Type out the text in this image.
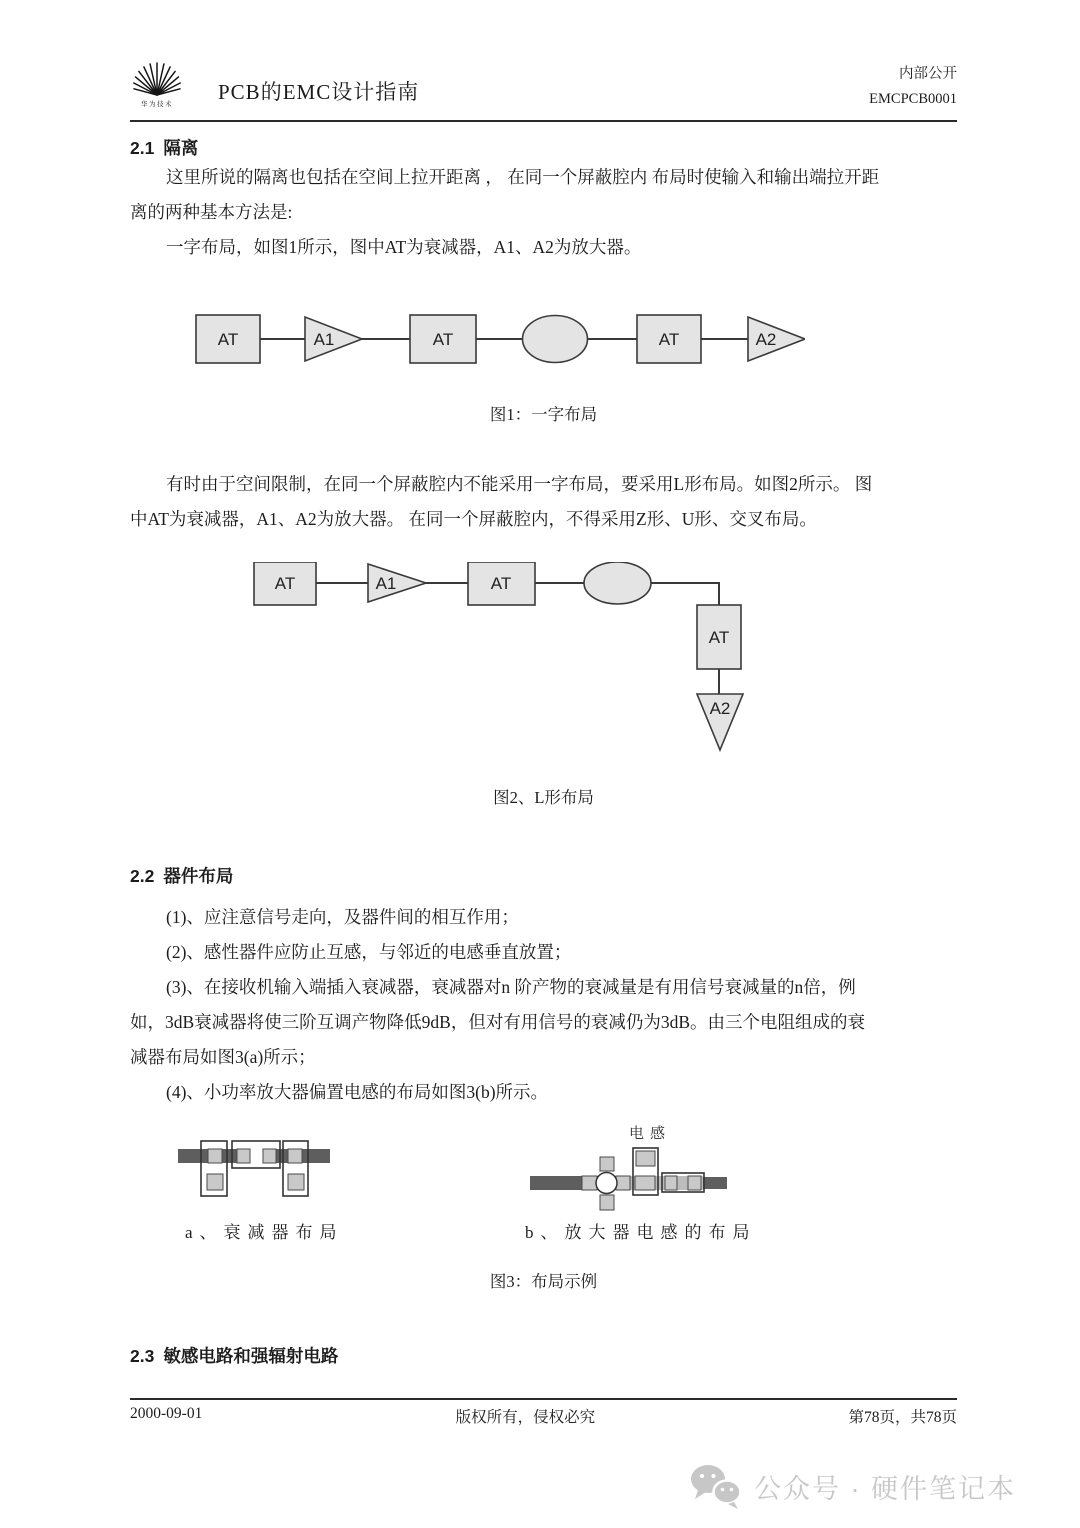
华为技术
PCB的EMC设计指南
内部公开
EMCPCB0001
2.1 隔离
这里所说的隔离也包括在空间上拉开距离 ， 在同一个屏蔽腔内 布局时使输入和输出端拉开距
离的两种基本方法是:
一字布局，如图1所示，图中AT为衰减器，A1、A2为放大器。
AT	A1	AT	AT	A2
图1：一字布局
有时由于空间限制，在同一个屏蔽腔内不能采用一字布局，要采用L形布局。如图2所示。 图
中AT为衰减器，A1、A2为放大器。 在同一个屏蔽腔内，不得采用Z形、U形、交叉布局。
AT	A1	AT
AT
A2
图2、L形布局
2.2 器件布局
(1)、应注意信号走向，及器件间的相互作用；
(2)、感性器件应防止互感，与邻近的电感垂直放置；
(3)、在接收机输入端插入衰减器，衰减器对n 阶产物的衰减量是有用信号衰减量的n倍，例
如，3dB衰减器将使三阶互调产物降低9dB，但对有用信号的衰减仍为3dB。由三个电阻组成的衰
减器布局如图3(a)所示；
(4)、小功率放大器偏置电感的布局如图3(b)所示。
电感
a、衰减器布局	b、放大器电感的布局
图3：布局示例
2.3 敏感电路和强辐射电路
2000-09-01	版权所有，侵权必究	第78页，共78页
公众号 · 硬件笔记本
